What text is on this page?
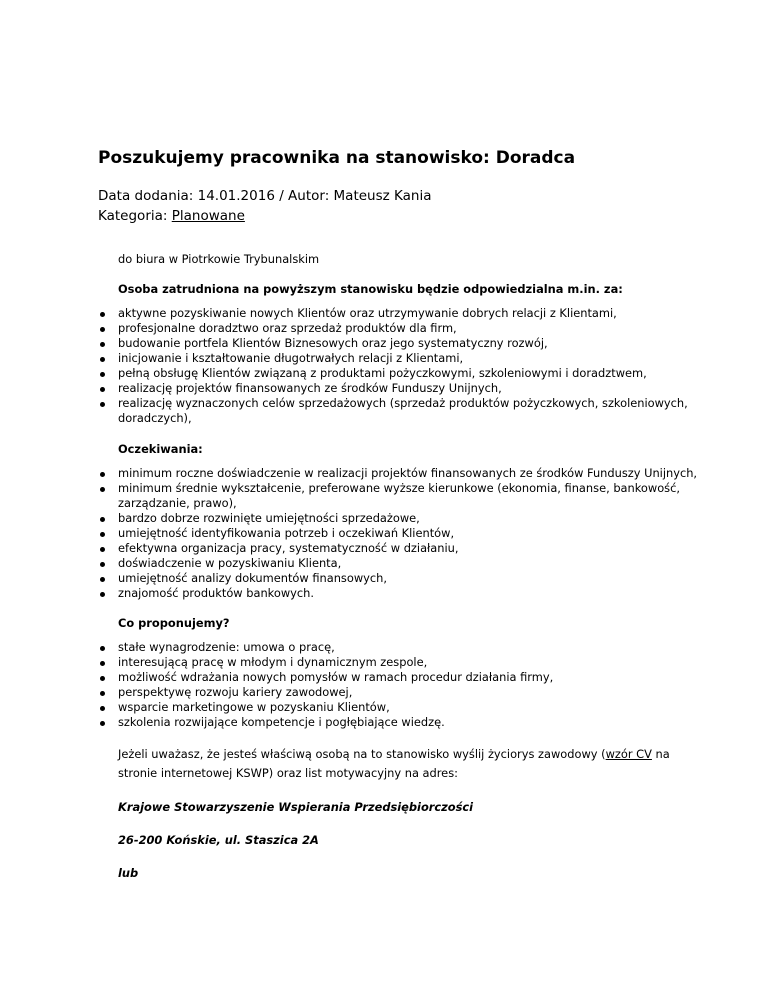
Poszukujemy pracownika na stanowisko: Doradca
Data dodania: 14.01.2016 / Autor: Mateusz Kania
Kategoria: Planowane

do biura w Piotrkowie Trybunalskim

Osoba zatrudniona na powyższym stanowisku będzie odpowiedzialna m.in. za:

aktywne pozyskiwanie nowych Klientów oraz utrzymywanie dobrych relacji z Klientami,
profesjonalne doradztwo oraz sprzedaż produktów dla firm,
budowanie portfela Klientów Biznesowych oraz jego systematyczny rozwój,
inicjowanie i kształtowanie długotrwałych relacji z Klientami,
pełną obsługę Klientów związaną z produktami pożyczkowymi, szkoleniowymi i doradztwem,
realizację projektów finansowanych ze środków Funduszy Unijnych,
realizację wyznaczonych celów sprzedażowych (sprzedaż produktów pożyczkowych, szkoleniowych, doradczych),

Oczekiwania:

minimum roczne doświadczenie w realizacji projektów finansowanych ze środków Funduszy Unijnych,
minimum średnie wykształcenie, preferowane wyższe kierunkowe (ekonomia, finanse, bankowość, zarządzanie, prawo),
bardzo dobrze rozwinięte umiejętności sprzedażowe,
umiejętność identyfikowania potrzeb i oczekiwań Klientów,
efektywna organizacja pracy, systematyczność w działaniu,
doświadczenie w pozyskiwaniu Klienta,
umiejętność analizy dokumentów finansowych,
znajomość produktów bankowych.

Co proponujemy?

stałe wynagrodzenie: umowa o pracę,
interesującą pracę w młodym i dynamicznym zespole,
możliwość wdrażania nowych pomysłów w ramach procedur działania firmy,
perspektywę rozwoju kariery zawodowej,
wsparcie marketingowe w pozyskaniu Klientów,
szkolenia rozwijające kompetencje i pogłębiające wiedzę.

Jeżeli uważasz, że jesteś właściwą osobą na to stanowisko wyślij życiorys zawodowy (wzór CV na stronie internetowej KSWP) oraz list motywacyjny na adres:

Krajowe Stowarzyszenie Wspierania Przedsiębiorczości

26-200 Końskie, ul. Staszica 2A

lub
